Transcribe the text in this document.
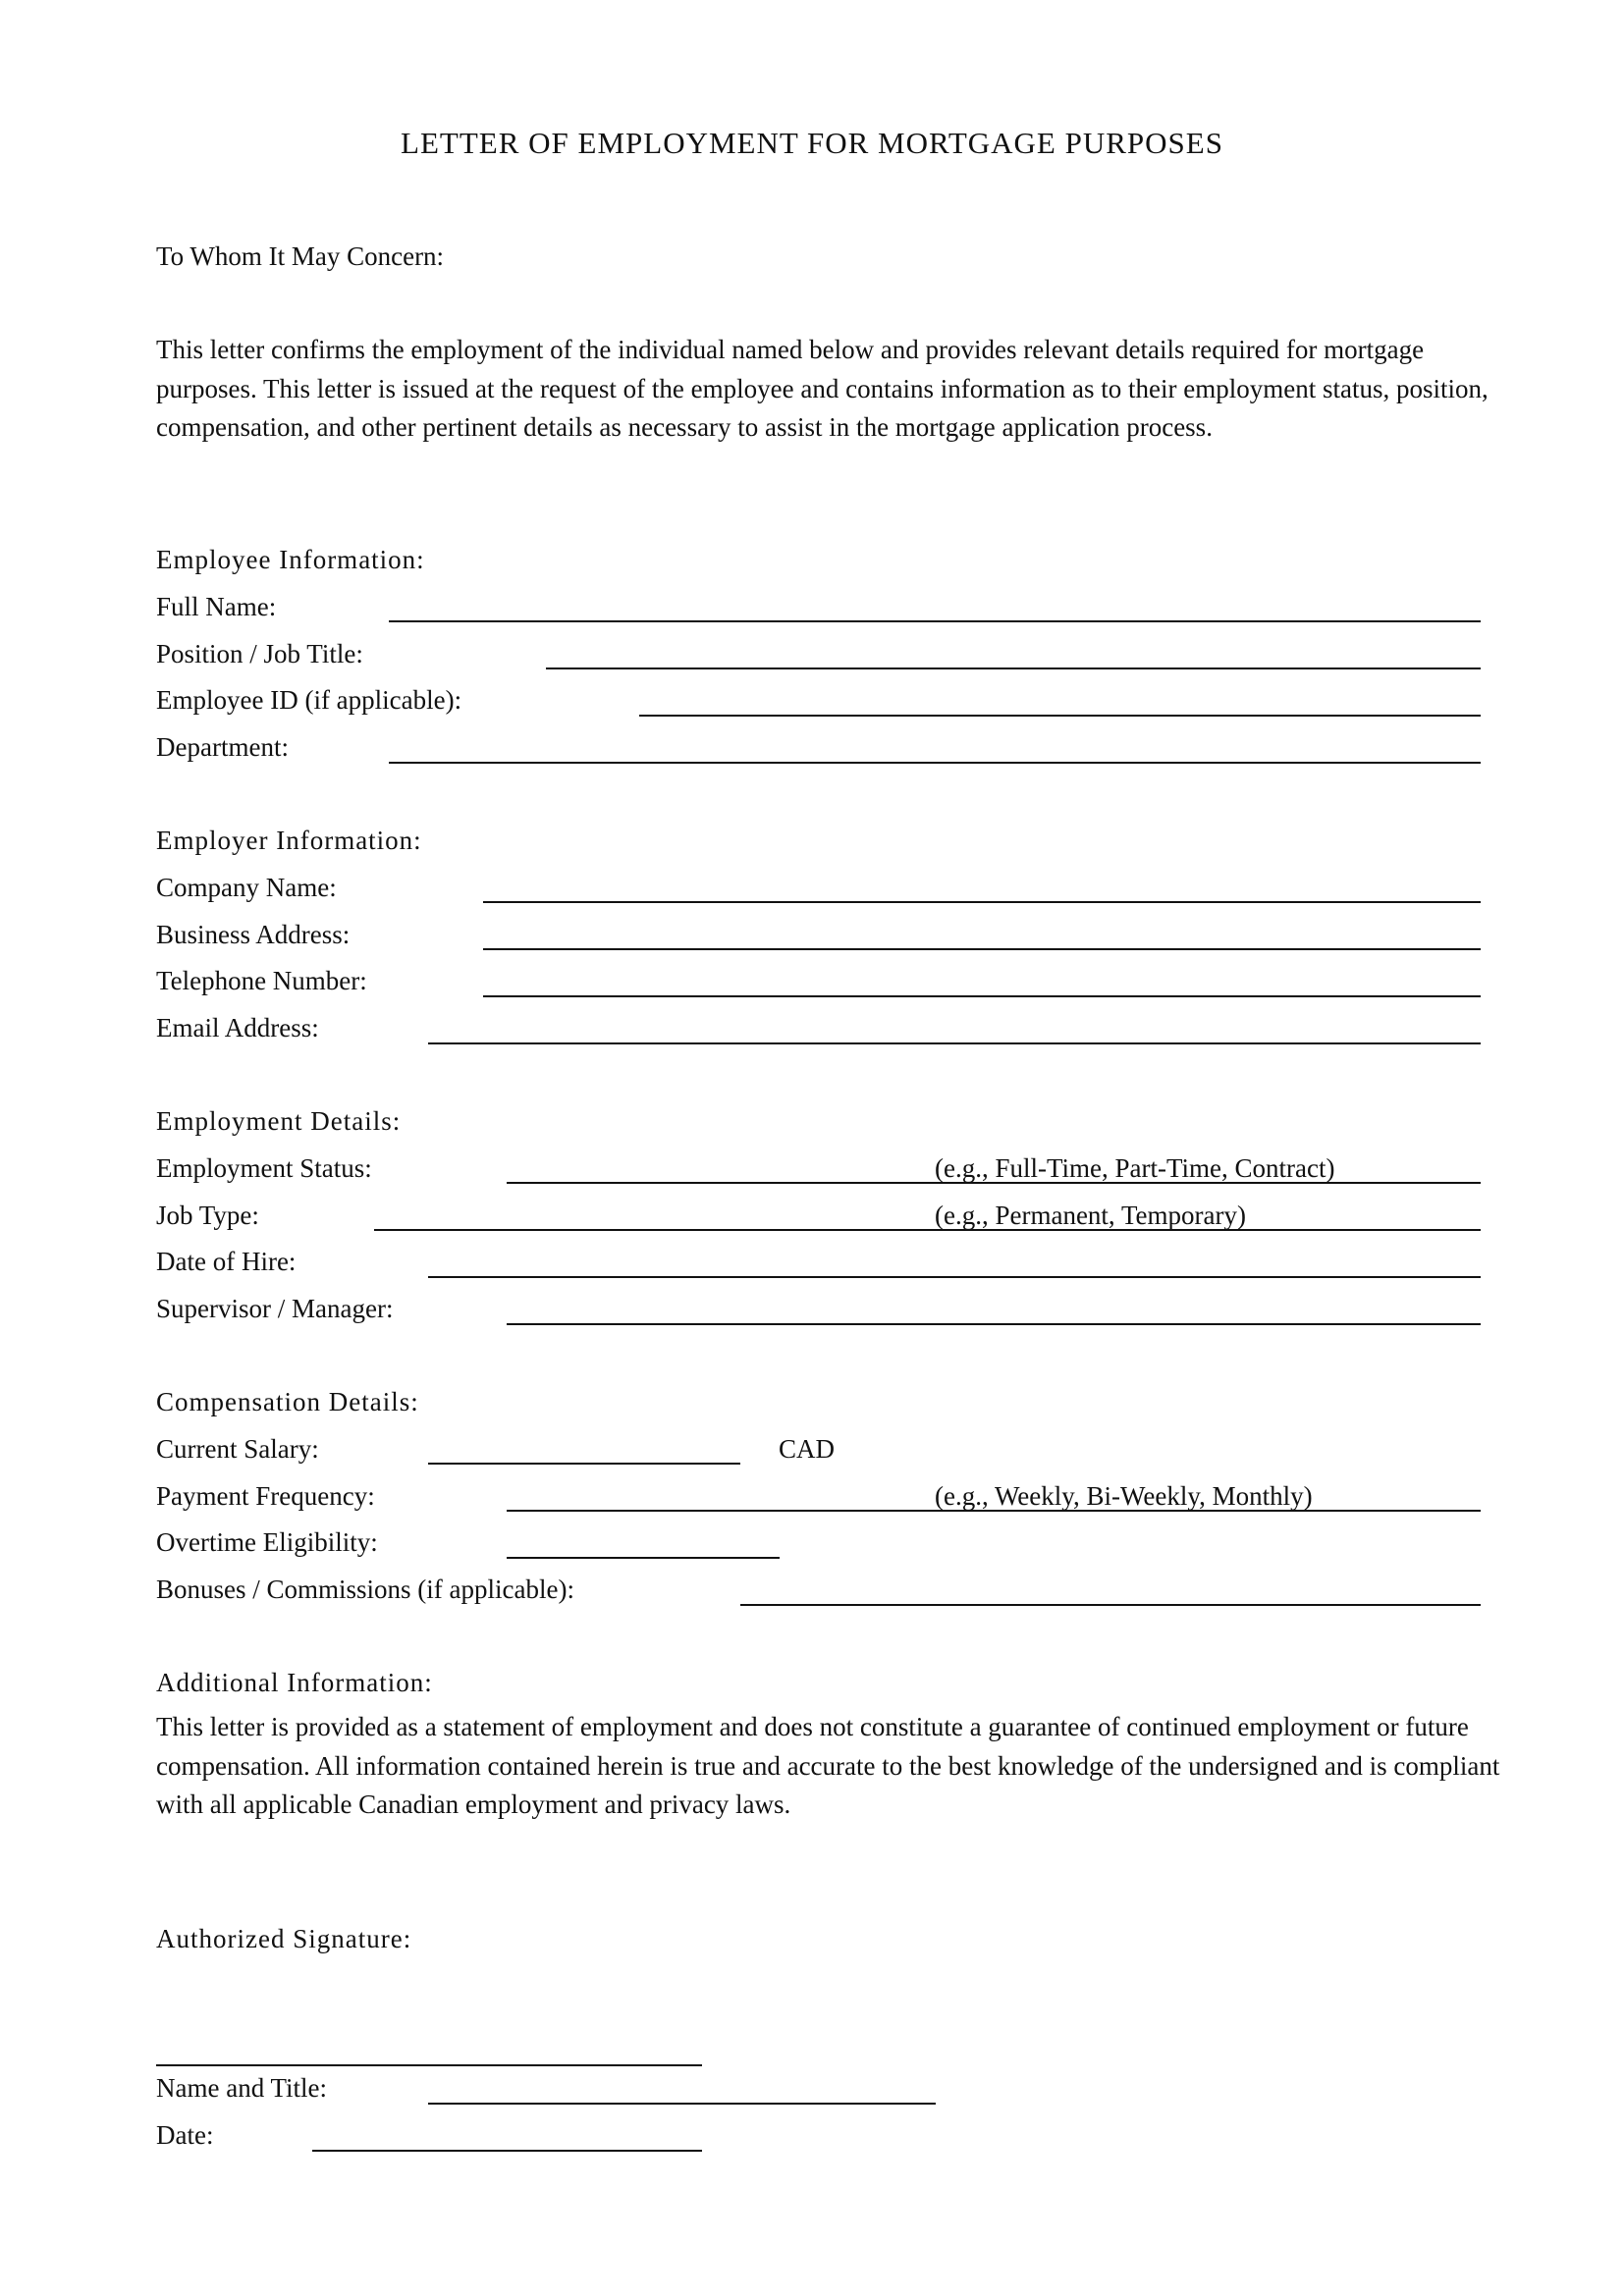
LETTER OF EMPLOYMENT FOR MORTGAGE PURPOSES
To Whom It May Concern:
This letter confirms the employment of the individual named below and provides relevant details required for mortgage purposes. This letter is issued at the request of the employee and contains information as to their employment status, position, compensation, and other pertinent details as necessary to assist in the mortgage application process.
Employee Information:
Full Name:
Position / Job Title:
Employee ID (if applicable):
Department:
Employer Information:
Company Name:
Business Address:
Telephone Number:
Email Address:
Employment Details:
Employment Status:	(e.g., Full-Time, Part-Time, Contract)
Job Type:	(e.g., Permanent, Temporary)
Date of Hire:
Supervisor / Manager:
Compensation Details:
Current Salary:	CAD
Payment Frequency:	(e.g., Weekly, Bi-Weekly, Monthly)
Overtime Eligibility:
Bonuses / Commissions (if applicable):
Additional Information:
This letter is provided as a statement of employment and does not constitute a guarantee of continued employment or future compensation. All information contained herein is true and accurate to the best knowledge of the undersigned and is compliant with all applicable Canadian employment and privacy laws.
Authorized Signature:
Name and Title:
Date:
